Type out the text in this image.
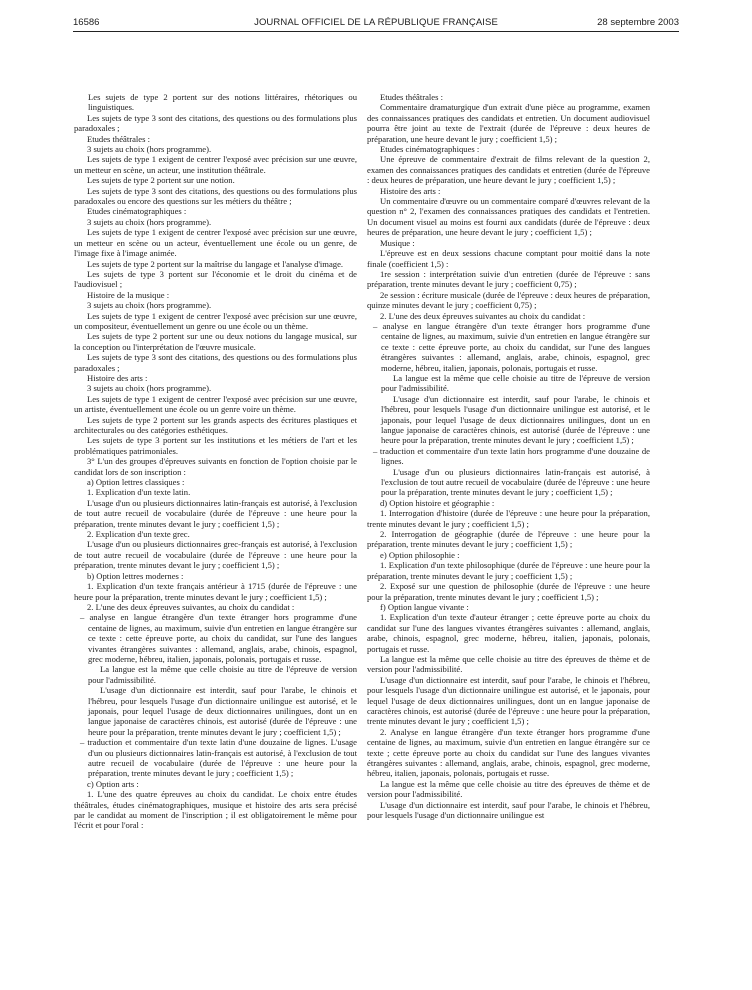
16586	JOURNAL OFFICIEL DE LA RÉPUBLIQUE FRANÇAISE	28 septembre 2003

Les sujets de type 2 portent sur des notions littéraires, rhétoriques ou linguistiques.

Les sujets de type 3 sont des citations, des questions ou des formulations plus paradoxales ;

Etudes théâtrales :

3 sujets au choix (hors programme).

Les sujets de type 1 exigent de centrer l'exposé avec précision sur une œuvre, un metteur en scène, un acteur, une institution théâtrale.

Les sujets de type 2 portent sur une notion.

Les sujets de type 3 sont des citations, des questions ou des formulations plus paradoxales ou encore des questions sur les métiers du théâtre ;

Etudes cinématographiques :

3 sujets au choix (hors programme).

Les sujets de type 1 exigent de centrer l'exposé avec précision sur une œuvre, un metteur en scène ou un acteur, éventuellement une école ou un genre, de l'image fixe à l'image animée.

Les sujets de type 2 portent sur la maîtrise du langage et l'analyse d'image.

Les sujets de type 3 portent sur l'économie et le droit du cinéma et de l'audiovisuel ;

Histoire de la musique :

3 sujets au choix (hors programme).

Les sujets de type 1 exigent de centrer l'exposé avec précision sur une œuvre, un compositeur, éventuellement un genre ou une école ou un thème.

Les sujets de type 2 portent sur une ou deux notions du langage musical, sur la conception ou l'interprétation de l'œuvre musicale.

Les sujets de type 3 sont des citations, des questions ou des formulations plus paradoxales ;

Histoire des arts :

3 sujets au choix (hors programme).

Les sujets de type 1 exigent de centrer l'exposé avec précision sur une œuvre, un artiste, éventuellement une école ou un genre voire un thème.

Les sujets de type 2 portent sur les grands aspects des écritures plastiques et architecturales ou des catégories esthétiques.

Les sujets de type 3 portent sur les institutions et les métiers de l'art et les problématiques patrimoniales.

3° L'un des groupes d'épreuves suivants en fonction de l'option choisie par le candidat lors de son inscription :

a) Option lettres classiques :

1. Explication d'un texte latin.

L'usage d'un ou plusieurs dictionnaires latin-français est autorisé, à l'exclusion de tout autre recueil de vocabulaire (durée de l'épreuve : une heure pour la préparation, trente minutes devant le jury ; coefficient 1,5) ;

2. Explication d'un texte grec.

L'usage d'un ou plusieurs dictionnaires grec-français est autorisé, à l'exclusion de tout autre recueil de vocabulaire (durée de l'épreuve : une heure pour la préparation, trente minutes devant le jury ; coefficient 1,5) ;

b) Option lettres modernes :

1. Explication d'un texte français antérieur à 1715 (durée de l'épreuve : une heure pour la préparation, trente minutes devant le jury ; coefficient 1,5) ;

2. L'une des deux épreuves suivantes, au choix du candidat :

– analyse en langue étrangère d'un texte étranger hors programme d'une centaine de lignes, au maximum, suivie d'un entretien en langue étrangère sur ce texte : cette épreuve porte, au choix du candidat, sur l'une des langues vivantes étrangères suivantes : allemand, anglais, arabe, chinois, espagnol, grec moderne, hébreu, italien, japonais, polonais, portugais et russe.

La langue est la même que celle choisie au titre de l'épreuve de version pour l'admissibilité.

L'usage d'un dictionnaire est interdit, sauf pour l'arabe, le chinois et l'hébreu, pour lesquels l'usage d'un dictionnaire unilingue est autorisé, et le japonais, pour lequel l'usage de deux dictionnaires unilingues, dont un en langue japonaise de caractères chinois, est autorisé (durée de l'épreuve : une heure pour la préparation, trente minutes devant le jury ; coefficient 1,5) ;

– traduction et commentaire d'un texte latin d'une douzaine de lignes. L'usage d'un ou plusieurs dictionnaires latin-français est autorisé, à l'exclusion de tout autre recueil de vocabulaire (durée de l'épreuve : une heure pour la préparation, trente minutes devant le jury ; coefficient 1,5) ;

c) Option arts :

1. L'une des quatre épreuves au choix du candidat. Le choix entre études théâtrales, études cinématographiques, musique et histoire des arts sera précisé par le candidat au moment de l'inscription ; il est obligatoirement le même pour l'écrit et pour l'oral :

Etudes théâtrales :

Commentaire dramaturgique d'un extrait d'une pièce au programme, examen des connaissances pratiques des candidats et entretien. Un document audiovisuel pourra être joint au texte de l'extrait (durée de l'épreuve : deux heures de préparation, une heure devant le jury ; coefficient 1,5) ;

Etudes cinématographiques :

Une épreuve de commentaire d'extrait de films relevant de la question 2, examen des connaissances pratiques des candidats et entretien (durée de l'épreuve : deux heures de préparation, une heure devant le jury ; coefficient 1,5) ;

Histoire des arts :

Un commentaire d'œuvre ou un commentaire comparé d'œuvres relevant de la question n° 2, l'examen des connaissances pratiques des candidats et l'entretien. Un document visuel au moins est fourni aux candidats (durée de l'épreuve : deux heures de préparation, une heure devant le jury ; coefficient 1,5) ;

Musique :

L'épreuve est en deux sessions chacune comptant pour moitié dans la note finale (coefficient 1,5) :

1re session : interprétation suivie d'un entretien (durée de l'épreuve : sans préparation, trente minutes devant le jury ; coefficient 0,75) ;

2e session : écriture musicale (durée de l'épreuve : deux heures de préparation, quinze minutes devant le jury ; coefficient 0,75) ;

2. L'une des deux épreuves suivantes au choix du candidat :

– analyse en langue étrangère d'un texte étranger hors programme d'une centaine de lignes, au maximum, suivie d'un entretien en langue étrangère sur ce texte : cette épreuve porte, au choix du candidat, sur l'une des langues étrangères suivantes : allemand, anglais, arabe, chinois, espagnol, grec moderne, hébreu, italien, japonais, polonais, portugais et russe.

La langue est la même que celle choisie au titre de l'épreuve de version pour l'admissibilité.

L'usage d'un dictionnaire est interdit, sauf pour l'arabe, le chinois et l'hébreu, pour lesquels l'usage d'un dictionnaire unilingue est autorisé, et le japonais, pour lequel l'usage de deux dictionnaires unilingues, dont un en langue japonaise de caractères chinois, est autorisé (durée de l'épreuve : une heure pour la préparation, trente minutes devant le jury ; coefficient 1,5) ;

– traduction et commentaire d'un texte latin hors programme d'une douzaine de lignes.

L'usage d'un ou plusieurs dictionnaires latin-français est autorisé, à l'exclusion de tout autre recueil de vocabulaire (durée de l'épreuve : une heure pour la préparation, trente minutes devant le jury ; coefficient 1,5) ;

d) Option histoire et géographie :

1. Interrogation d'histoire (durée de l'épreuve : une heure pour la préparation, trente minutes devant le jury ; coefficient 1,5) ;

2. Interrogation de géographie (durée de l'épreuve : une heure pour la préparation, trente minutes devant le jury ; coefficient 1,5) ;

e) Option philosophie :

1. Explication d'un texte philosophique (durée de l'épreuve : une heure pour la préparation, trente minutes devant le jury ; coefficient 1,5) ;

2. Exposé sur une question de philosophie (durée de l'épreuve : une heure pour la préparation, trente minutes devant le jury ; coefficient 1,5) ;

f) Option langue vivante :

1. Explication d'un texte d'auteur étranger ; cette épreuve porte au choix du candidat sur l'une des langues vivantes étrangères suivantes : allemand, anglais, arabe, chinois, espagnol, grec moderne, hébreu, italien, japonais, polonais, portugais et russe.

La langue est la même que celle choisie au titre des épreuves de thème et de version pour l'admissibilité.

L'usage d'un dictionnaire est interdit, sauf pour l'arabe, le chinois et l'hébreu, pour lesquels l'usage d'un dictionnaire unilingue est autorisé, et le japonais, pour lequel l'usage de deux dictionnaires unilingues, dont un en langue japonaise de caractères chinois, est autorisé (durée de l'épreuve : une heure pour la préparation, trente minutes devant le jury ; coefficient 1,5) ;

2. Analyse en langue étrangère d'un texte étranger hors programme d'une centaine de lignes, au maximum, suivie d'un entretien en langue étrangère sur ce texte ; cette épreuve porte au choix du candidat sur l'une des langues vivantes étrangères suivantes : allemand, anglais, arabe, chinois, espagnol, grec moderne, hébreu, italien, japonais, polonais, portugais et russe.

La langue est la même que celle choisie au titre des épreuves de thème et de version pour l'admissibilité.

L'usage d'un dictionnaire est interdit, sauf pour l'arabe, le chinois et l'hébreu, pour lesquels l'usage d'un dictionnaire unilingue est
